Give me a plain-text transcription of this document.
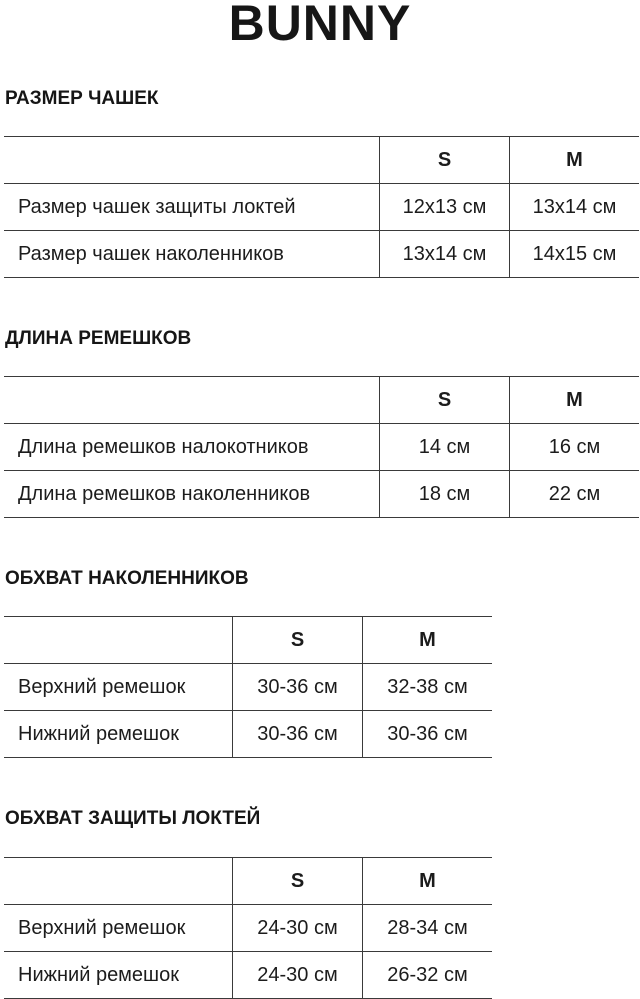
BUNNY
РАЗМЕР ЧАШЕК
	S	M
Размер чашек защиты локтей	12x13 см	13x14 см
Размер чашек наколенников	13x14 см	14x15 см
ДЛИНА РЕМЕШКОВ
	S	M
Длина ремешков налокотников	14 см	16 см
Длина ремешков наколенников	18 см	22 см
ОБХВАТ НАКОЛЕННИКОВ
	S	M
Верхний ремешок	30-36 см	32-38 см
Нижний ремешок	30-36 см	30-36 см
ОБХВАТ ЗАЩИТЫ ЛОКТЕЙ
	S	M
Верхний ремешок	24-30 см	28-34 см
Нижний ремешок	24-30 см	26-32 см
